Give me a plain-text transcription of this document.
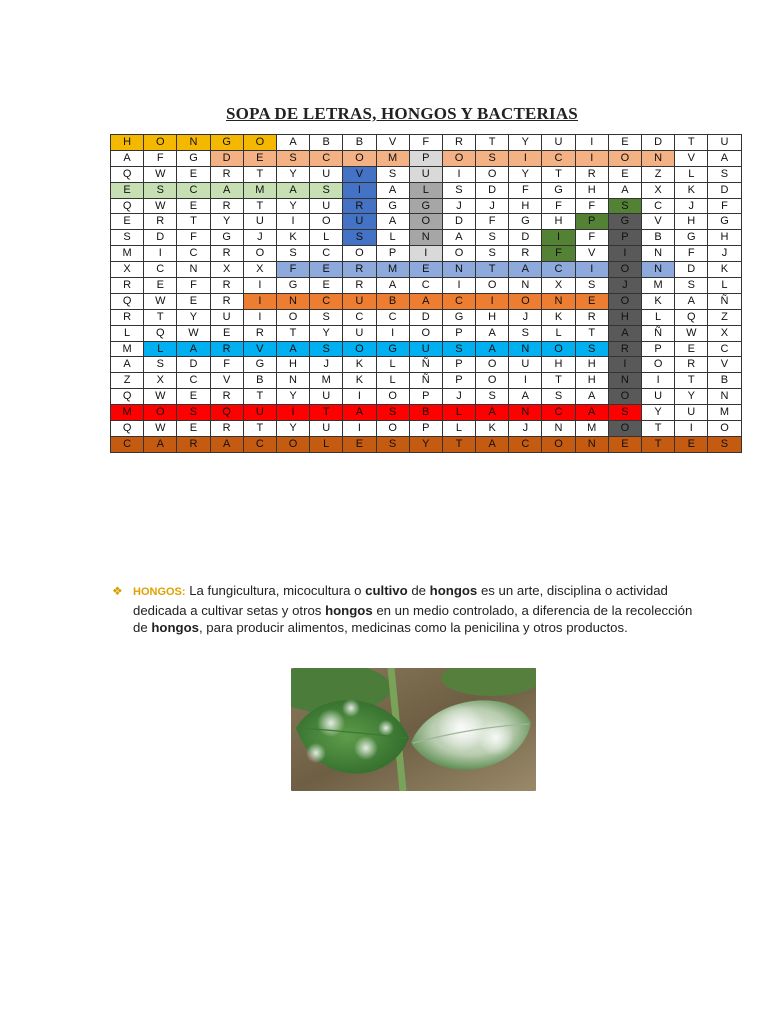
SOPA DE LETRAS, HONGOS Y BACTERIAS
H	O	N	G	O	A	B	B	V	F	R	T	Y	U	I	E	D	T	U
A	F	G	D	E	S	C	O	M	P	O	S	I	C	I	O	N	V	A
Q	W	E	R	T	Y	U	V	S	U	I	O	Y	T	R	E	Z	L	S
E	S	C	A	M	A	S	I	A	L	S	D	F	G	H	A	X	K	D
Q	W	E	R	T	Y	U	R	G	G	J	J	H	F	F	S	C	J	F
E	R	T	Y	U	I	O	U	A	O	D	F	G	H	P	G	V	H	G
S	D	F	G	J	K	L	S	L	N	A	S	D	I	F	P	B	G	H
M	I	C	R	O	S	C	O	P	I	O	S	R	F	V	I	N	F	J
X	C	N	X	X	F	E	R	M	E	N	T	A	C	I	O	N	D	K
R	E	F	R	I	G	E	R	A	C	I	O	N	X	S	J	M	S	L
Q	W	E	R	I	N	C	U	B	A	C	I	O	N	E	O	K	A	Ñ
R	T	Y	U	I	O	S	C	C	D	G	H	J	K	R	H	L	Q	Z
L	Q	W	E	R	T	Y	U	I	O	P	A	S	L	T	A	Ñ	W	X
M	L	A	R	V	A	S	O	G	U	S	A	N	O	S	R	P	E	C
A	S	D	F	G	H	J	K	L	Ñ	P	O	U	H	H	I	O	R	V
Z	X	C	V	B	N	M	K	L	Ñ	P	O	I	T	H	N	I	T	B
Q	W	E	R	T	Y	U	I	O	P	J	S	A	S	A	O	U	Y	N
M	O	S	Q	U	I	T	A	S	B	L	A	N	C	A	S	Y	U	M
Q	W	E	R	T	Y	U	I	O	P	L	K	J	N	M	O	T	I	O
C	A	R	A	C	O	L	E	S	Y	T	A	C	O	N	E	T	E	S
❖ HONGOS: La fungicultura, micocultura o cultivo de hongos es un arte, disciplina o actividad dedicada a cultivar setas y otros hongos en un medio controlado, a diferencia de la recolección de hongos, para producir alimentos, medicinas como la penicilina y otros productos.
